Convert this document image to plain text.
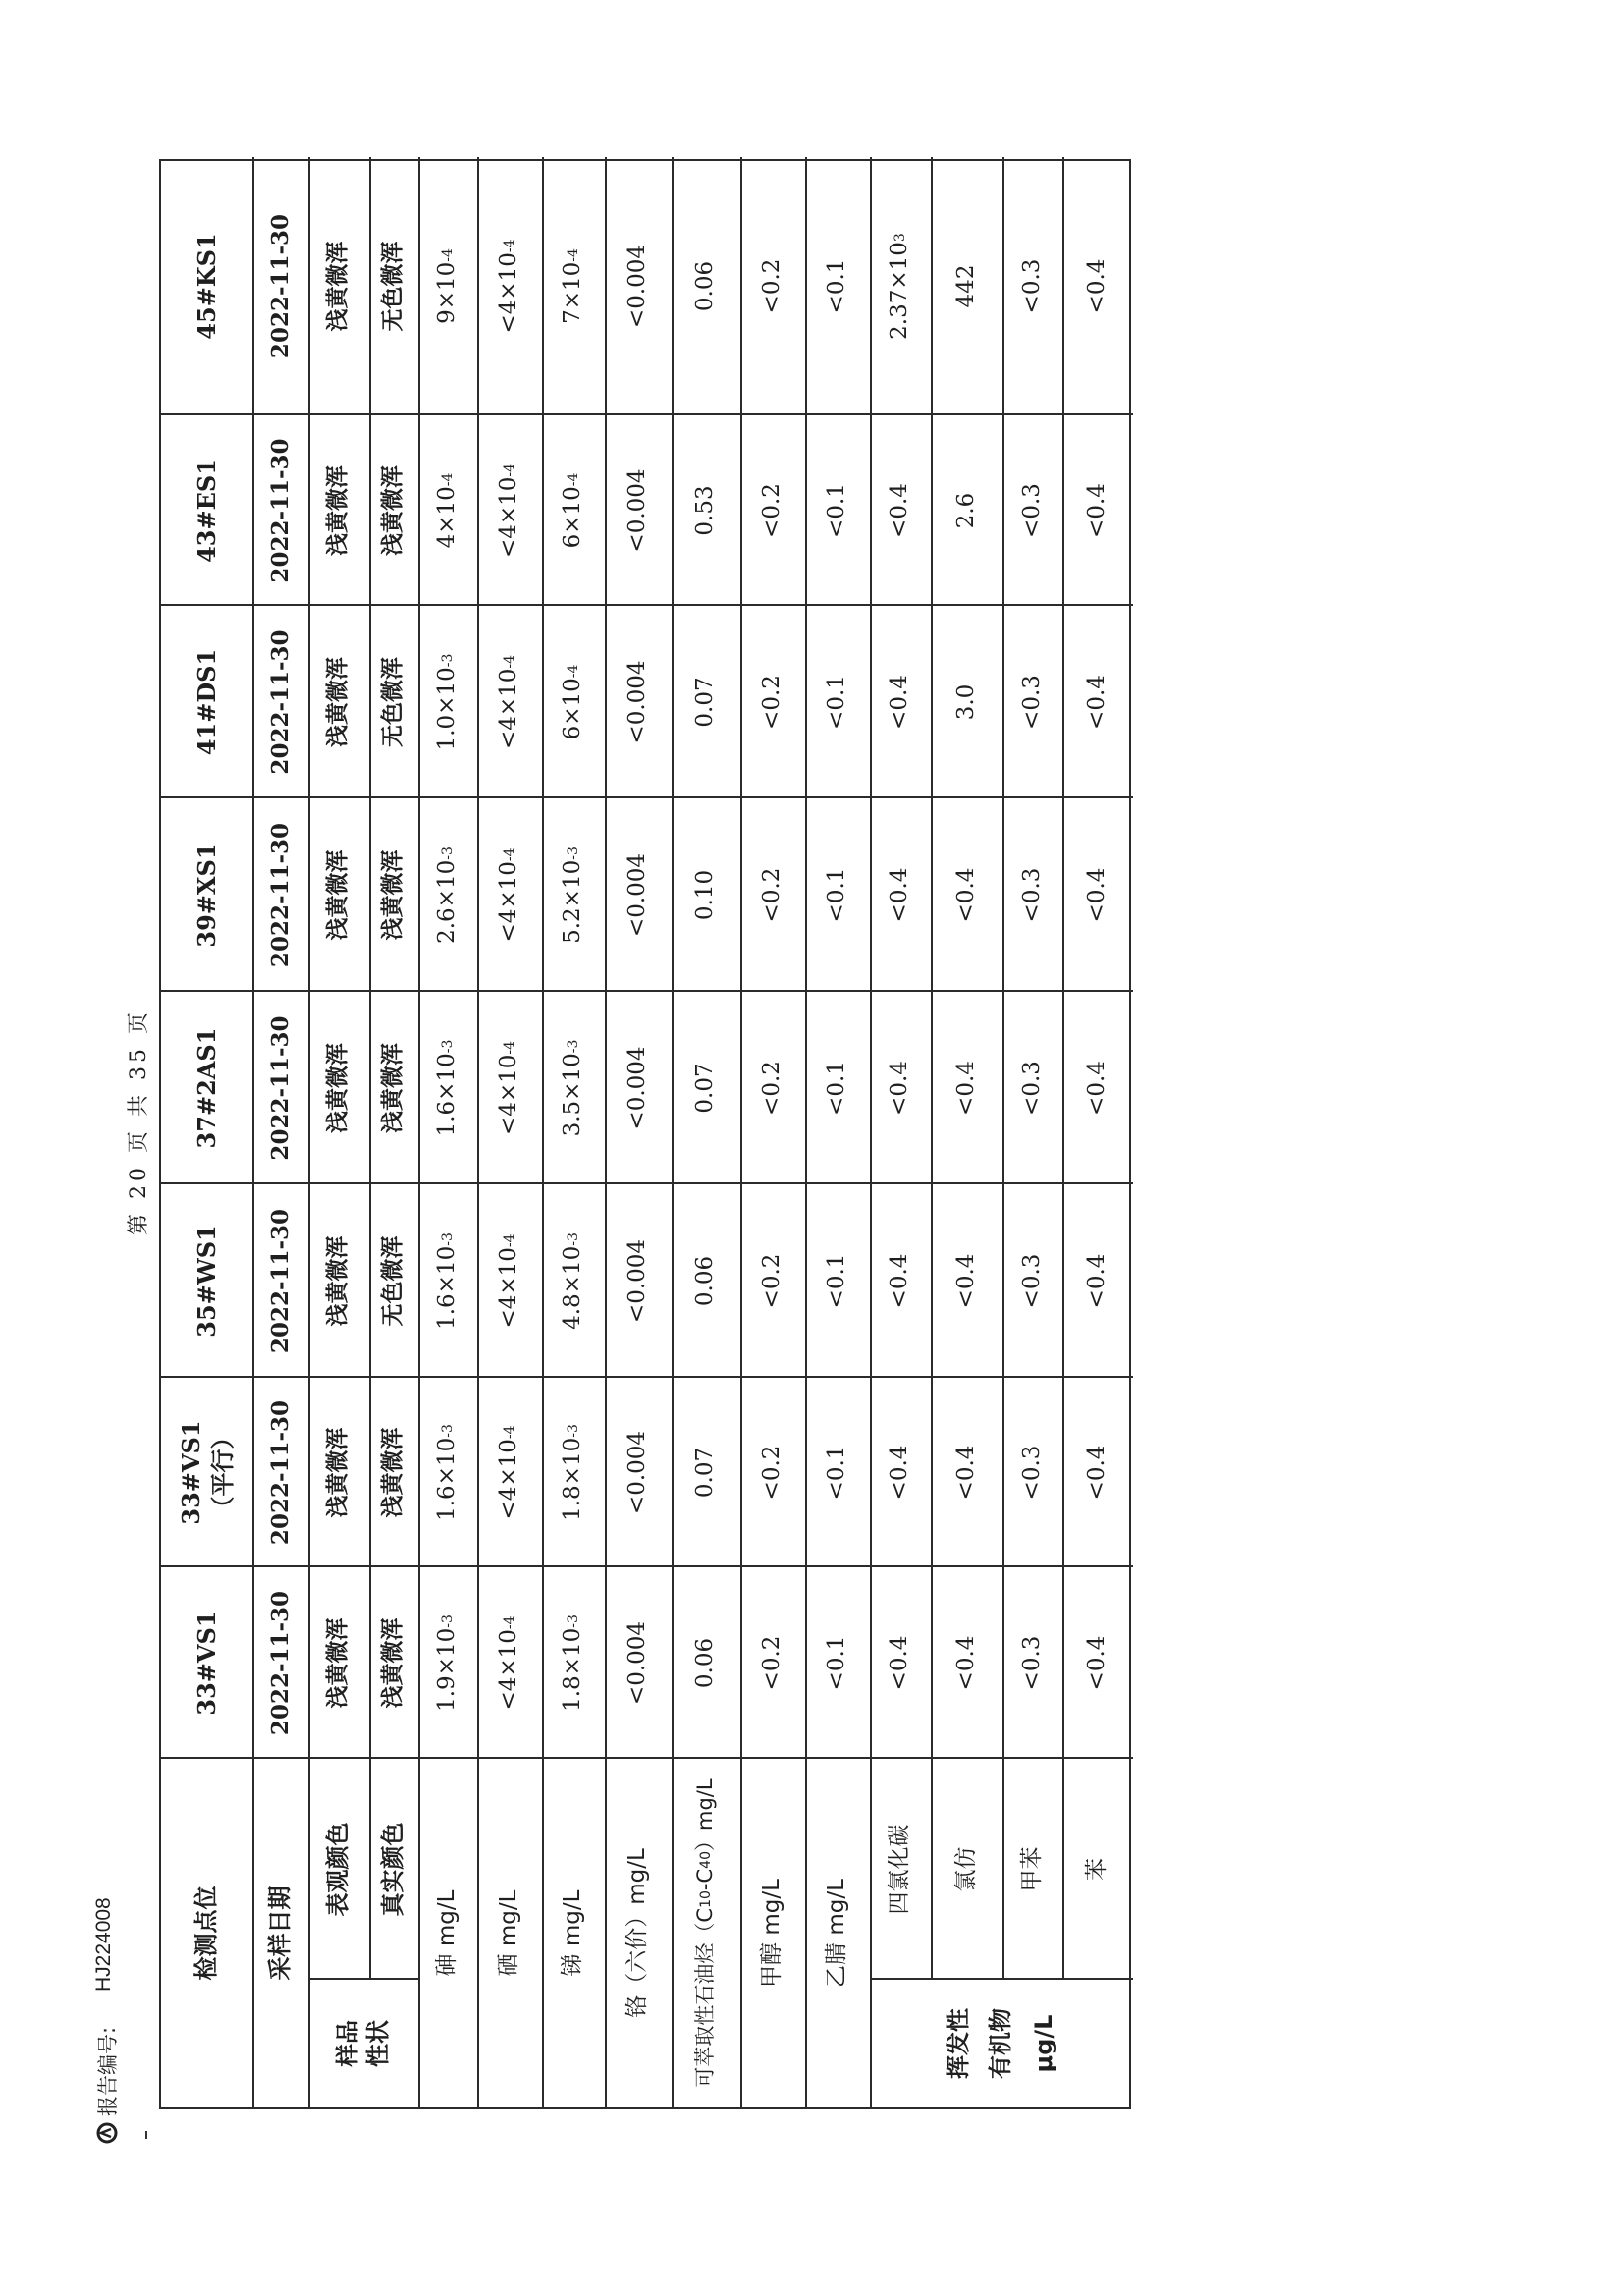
报告编号:
HJ224008
第 20 页 共 35 页
检测点位 采样日期
样品 性状
表观颜色 真实颜色
砷 mg/L 硒 mg/L 锑 mg/L 铬（六价）mg/L 可萃取性石油烃（C
10
-C
40
）mg/L
甲醇 mg/L 乙腈 mg/L
挥发性 有机物 μg/L
四氯化碳 氯仿 甲苯 苯
33#VS1 2022-11-30 浅黄微浑 浅黄微浑 1.9×10
-3
<4×10
-4
1.8×10
-3 <0.004 0.06 <0.2 <0.1 <0.4 <0.4 <0.3 <0.4
33#VS1 （平行） 2022-11-30 浅黄微浑 浅黄微浑 1.6×10
-3
<4×10
-4
1.8×10
-3 <0.004 0.07 <0.2 <0.1 <0.4 <0.4 <0.3 <0.4
35#WS1 2022-11-30 浅黄微浑 无色微浑 1.6×10
-3
<4×10
-4
4.8×10
-3 <0.004 0.06 <0.2 <0.1 <0.4 <0.4 <0.3 <0.4
37#2AS1 2022-11-30 浅黄微浑 浅黄微浑 1.6×10
-3
<4×10
-4
3.5×10
-3 <0.004 0.07 <0.2 <0.1 <0.4 <0.4 <0.3 <0.4
39#XS1 2022-11-30 浅黄微浑 浅黄微浑 2.6×10
-3
<4×10
-4
5.2×10
-3 <0.004 0.10 <0.2 <0.1 <0.4 <0.4 <0.3 <0.4
41#DS1 2022-11-30 浅黄微浑 无色微浑 1.0×10
-3
<4×10
-4
6×10
-4 <0.004 0.07 <0.2 <0.1 <0.4 3.0 <0.3 <0.4
43#ES1 2022-11-30 浅黄微浑 浅黄微浑 4×10
-4 <4×10
-4
6×10
-4 <0.004 0.53 <0.2 <0.1 <0.4 2.6 <0.3 <0.4
45#KS1 2022-11-30 浅黄微浑 无色微浑 9×10
-4 <4×10
-4
7×10
-4 <0.004 0.06 <0.2 <0.1 2.37×10
3
442 <0.3 <0.4
